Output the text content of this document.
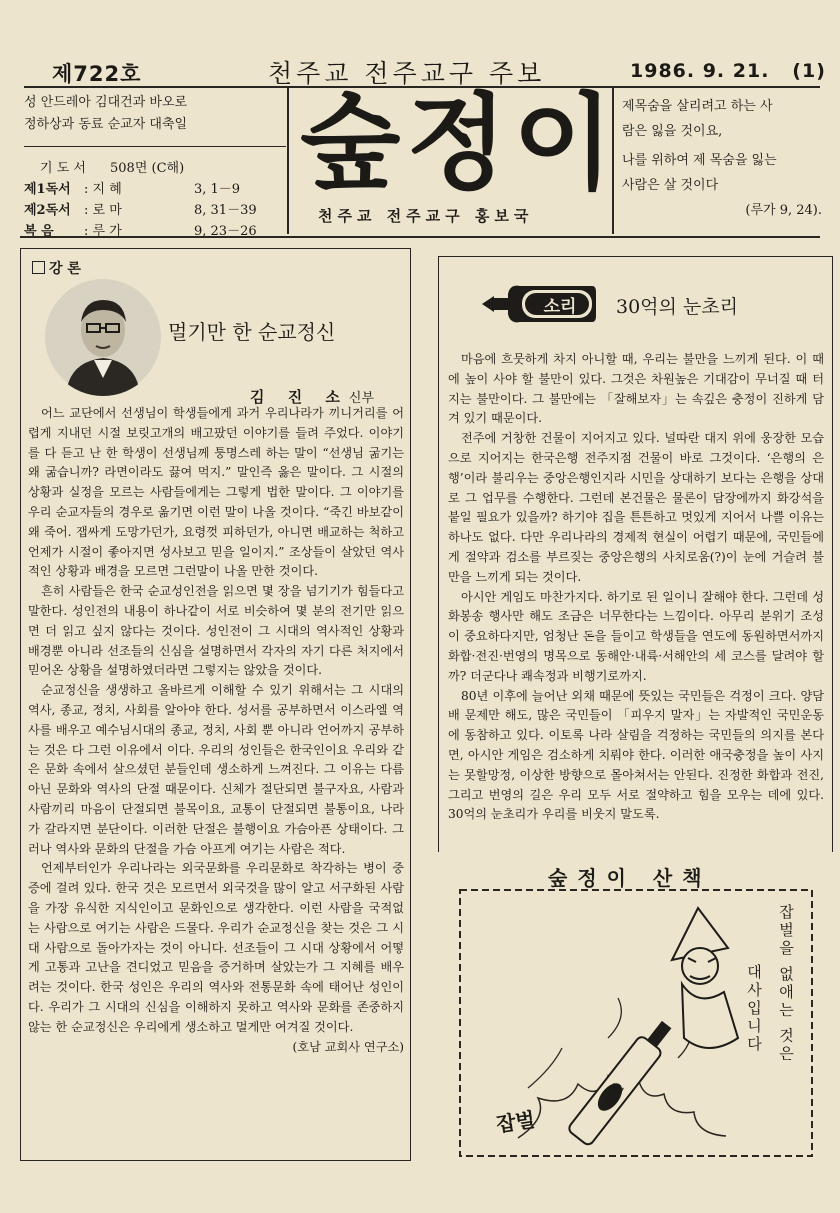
제722호	천주교 전주교구 주보	1986. 9. 21. (1)
성 안드레아 김대건과 바오로
정하상과 동료 순교자 대축일
기 도 서	508면 (C해)
제1독서	: 지 혜	3, 1－9
제2독서	: 로 마	8, 31－39
복 음	: 루 가	9, 23－26
숲정이
천주교 전주교구 홍보국
제목숨을 살리려고 하는 사
람은 잃을 것이요,
나를 위하여 제 목숨을 잃는
사람은 살 것이다
(루가 9, 24).
강 론
멀기만 한 순교정신
김 진 소신부

어느 교단에서 선생님이 학생들에게 과거 우리나라가 끼니거리를 어렵게 지내던 시절 보릿고개의 배고팠던 이야기를 들려 주었다. 이야기를 다 듣고 난 한 학생이 선생님께 퉁명스레 하는 말이 “선생님 굶기는 왜 굶습니까? 라면이라도 끓여 먹지.” 말인즉 옳은 말이다. 그 시절의 상황과 실정을 모르는 사람들에게는 그렇게 법한 말이다. 그 이야기를 우리 순교자들의 경우로 옮기면 이런 말이 나올 것이다. “죽긴 바보같이 왜 죽어. 잽싸게 도망가던가, 요령껏 피하던가, 아니면 배교하는 척하고 언제가 시절이 좋아지면 성사보고 믿을 일이지.” 조상들이 살았던 역사적인 상황과 배경을 모르면 그런말이 나올 만한 것이다.

흔히 사람들은 한국 순교성인전을 읽으면 몇 장을 넘기기가 힘들다고 말한다. 성인전의 내용이 하나같이 서로 비슷하여 몇 분의 전기만 읽으면 더 읽고 싶지 않다는 것이다. 성인전이 그 시대의 역사적인 상황과 배경뿐 아니라 선조들의 신심을 설명하면서 각자의 자기 다른 처지에서 믿어온 상황을 설명하였더라면 그렇지는 않았을 것이다.

순교정신을 생생하고 올바르게 이해할 수 있기 위해서는 그 시대의 역사, 종교, 정치, 사회를 알아야 한다. 성서를 공부하면서 이스라엘 역사를 배우고 예수님시대의 종교, 정치, 사회 뿐 아니라 언어까지 공부하는 것은 다 그런 이유에서 이다. 우리의 성인들은 한국인이요 우리와 같은 문화 속에서 살으셨던 분들인데 생소하게 느껴진다. 그 이유는 다름아닌 문화와 역사의 단절 때문이다. 신체가 절단되면 불구자요, 사람과 사람끼리 마음이 단절되면 불목이요, 교통이 단절되면 불통이요, 나라가 갈라지면 분단이다. 이러한 단절은 불행이요 가슴아픈 상태이다. 그러나 역사와 문화의 단절을 가슴 아프게 여기는 사람은 적다.

언제부터인가 우리나라는 외국문화를 우리문화로 착각하는 병이 중증에 걸려 있다. 한국 것은 모르면서 외국것을 많이 알고 서구화된 사람을 가장 유식한 지식인이고 문화인으로 생각한다. 이런 사람을 국적없는 사람으로 여기는 사람은 드물다. 우리가 순교정신을 찾는 것은 그 시대 사람으로 돌아가자는 것이 아니다. 선조들이 그 시대 상황에서 어떻게 고통과 고난을 견디었고 믿음을 증거하며 살았는가 그 지혜를 배우려는 것이다. 한국 성인은 우리의 역사와 전통문화 속에 태어난 성인이다. 우리가 그 시대의 신심을 이해하지 못하고 역사와 문화를 존중하지 않는 한 순교정신은 우리에게 생소하고 멀게만 여겨질 것이다.

(호남 교회사 연구소)
소리	30억의 눈초리

마음에 흐뭇하게 차지 아니할 때, 우리는 불만을 느끼게 된다. 이 때에 높이 사야 할 불만이 있다. 그것은 차원높은 기대감이 무너질 때 터지는 불만이다. 그 불만에는 「잘해보자」는 속깊은 충정이 진하게 담겨 있기 때문이다.

전주에 거창한 건물이 지어지고 있다. 널따란 대지 위에 웅장한 모습으로 지어지는 한국은행 전주지점 건물이 바로 그것이다. ‘은행의 은행’이라 불리우는 중앙은행인지라 시민을 상대하기 보다는 은행을 상대로 그 업무를 수행한다. 그런데 본건물은 물론이 담장에까지 화강석을 붙일 필요가 있을까? 하기야 집을 튼튼하고 멋있게 지어서 나쁠 이유는 하나도 없다. 다만 우리나라의 경제적 현실이 어렵기 때문에, 국민들에게 절약과 검소를 부르짖는 중앙은행의 사치로움(?)이 눈에 거슬려 불만을 느끼게 되는 것이다.

아시안 게임도 마찬가지다. 하기로 된 일이니 잘해야 한다. 그런데 성화봉송 행사만 해도 조금은 너무한다는 느낌이다. 아무리 분위기 조성이 중요하다지만, 엄청난 돈을 들이고 학생들을 연도에 동원하면서까지 화합·전진·번영의 명목으로 동해안·내륙·서해안의 세 코스를 달려야 할까? 더군다나 쾌속정과 비행기로까지.

80년 이후에 늘어난 외채 때문에 뜻있는 국민들은 걱정이 크다. 양담배 문제만 해도, 많은 국민들이 「피우지 말자」는 자발적인 국민운동에 동참하고 있다. 이토록 나라 살림을 걱정하는 국민들의 의지를 본다면, 아시안 게임은 검소하게 치뤄야 한다. 이러한 애국충정을 높이 사지는 못할망정, 이상한 방향으로 몰아쳐서는 안된다. 진정한 화합과 전진, 그리고 번영의 길은 우리 모두 서로 절약하고 힘을 모우는 데에 있다. 30억의 눈초리가 우리를 비웃지 말도록.

숲정이 산책
잡벌
천원
잡벌을 없애는 것은
대사입니다
